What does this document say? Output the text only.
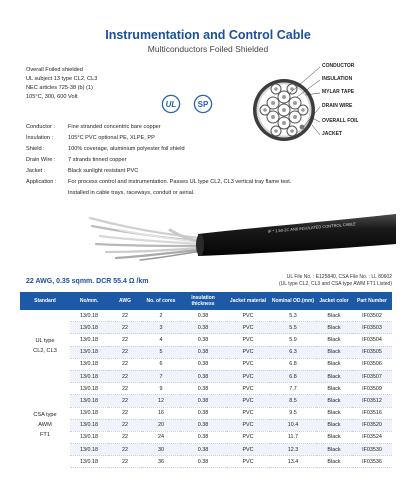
Instrumentation and Control Cable
Multiconductors Foiled Shielded
Overall Foiled shielded
UL subject 13 type CL2, CL3
NEC articles 725-38 (b) (1)
105°C, 300, 600 Volt
UL	SP
CONDUCTOR
INSULATION
MYLAR TAPE
DRAIN WIRE
OVERALL FOIL
JACKET
Conductor : Fine stranded concentric bare copper
Insulation :	105°C PVC optional PE, XLPE, PP
Shield :	100% coverage, aluminium polyester foil shield
Drain Wire : 7 strands tinned copper
Jacket :	Black sunlight resistant PVC
Application : For process control and instrumentation. Passes UL type CL2, CL3 vertical tray flame test.
Installed in cable trays, raceways, conduit or aerial.
IF * 1.50-2C AN8 INSULATED CONTROL CABLE
22 AWG, 0.35 sqmm. DCR 55.4 Ω /km
UL File No. : E125840, CSA File No. : LL 80602
(UL type CL2, CL3 and CSA type AWM FT1 Listed)
Standard	No/mm.	AWG	No. of cores	Insulation thickness	Jacket material	Nominal OD.(mm)	Jacket color	Part Number

UL type
CL2, CL3	13/0.18	22	2	0.38	PVC	5.3	Black	IF03502
	13/0.18	22	3	0.38	PVC	5.5	Black	IF03503
	13/0.18	22	4	0.38	PVC	5.9	Black	IF03504
	13/0.18	22	5	0.38	PVC	6.3	Black	IF03505
	13/0.18	22	6	0.38	PVC	6.8	Black	IF03506
	13/0.18	22	7	0.38	PVC	6.8	Black	IF03507

CSA type
AWM
FT1	13/0.18	22	9	0.38	PVC	7.7	Black	IF03509
	13/0.18	22	12	0.38	PVC	8.5	Black	IF03512
	13/0.18	22	16	0.38	PVC	9.5	Black	IF03516
	13/0.18	22	20	0.38	PVC	10.4	Black	IF03520
	13/0.18	22	24	0.38	PVC	11.7	Black	IF03524
	13/0.18	22	30	0.38	PVC	12.3	Black	IF03530
	13/0.18	22	36	0.38	PVC	13.4	Black	IF03536
